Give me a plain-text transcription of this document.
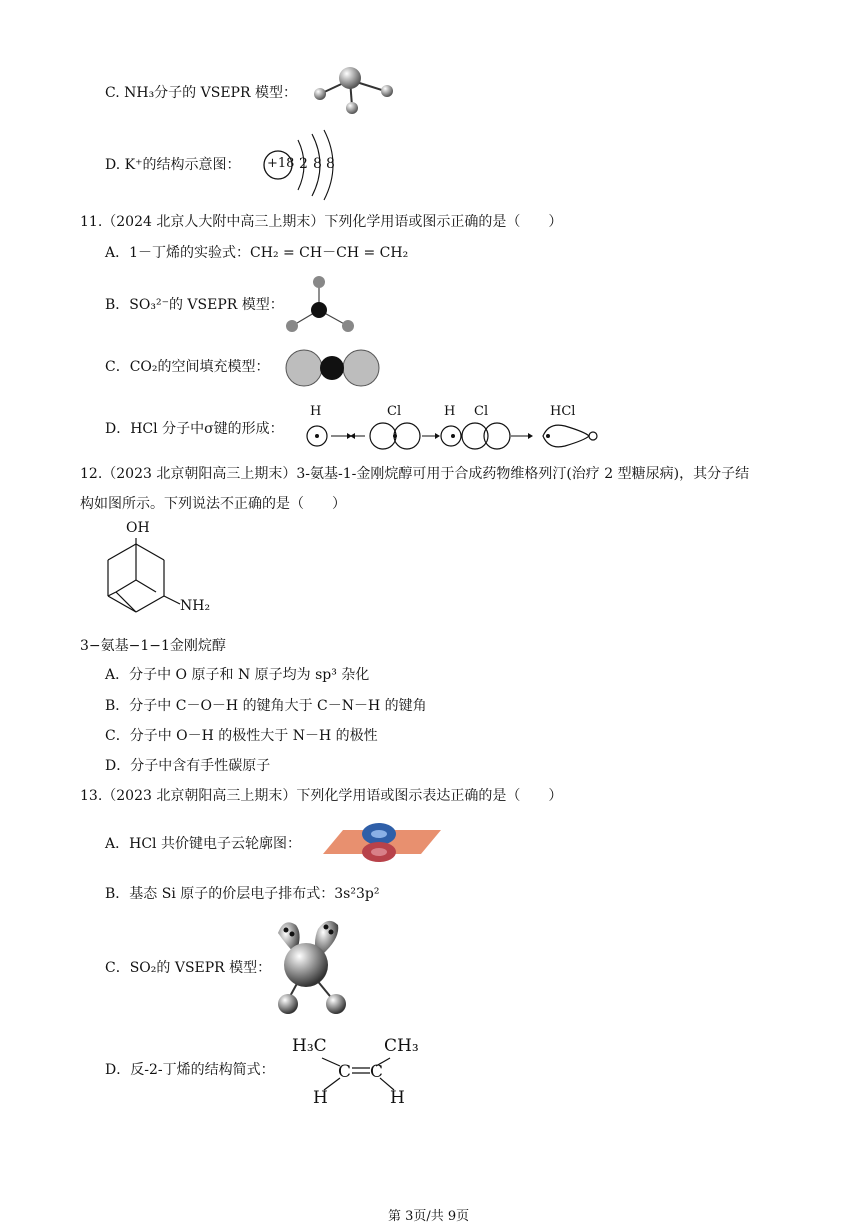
C. NH₃分子的 VSEPR 模型：
D. K⁺的结构示意图： +18 2 8 8
11.（2024 北京人大附中高三上期末）下列化学用语或图示正确的是（　　）
A．1－丁烯的实验式：CH₂ = CH－CH = CH₂
B．SO₃²⁻的 VSEPR 模型：
C．CO₂的空间填充模型：
D．HCl 分子中σ键的形成：
H	Cl	H Cl	HCl
12.（2023 北京朝阳高三上期末）3-氨基-1-金刚烷醇可用于合成药物维格列汀(治疗 2 型糖尿病)，其分子结
构如图所示。下列说法不正确的是（　　）
OH
NH₂
3−氨基−1−1金刚烷醇
A．分子中 O 原子和 N 原子均为 sp³ 杂化
B．分子中 C－O－H 的键角大于 C－N－H 的键角
C．分子中 O－H 的极性大于 N－H 的极性
D．分子中含有手性碳原子
13.（2023 北京朝阳高三上期末）下列化学用语或图示表达正确的是（　　）
A．HCl 共价键电子云轮廓图：
B．基态 Si 原子的价层电子排布式：3s²3p²
C．SO₂的 VSEPR 模型：
D．反-2-丁烯的结构简式：
H₃C	CH₃
C C
H	H
第 3页/共 9页
